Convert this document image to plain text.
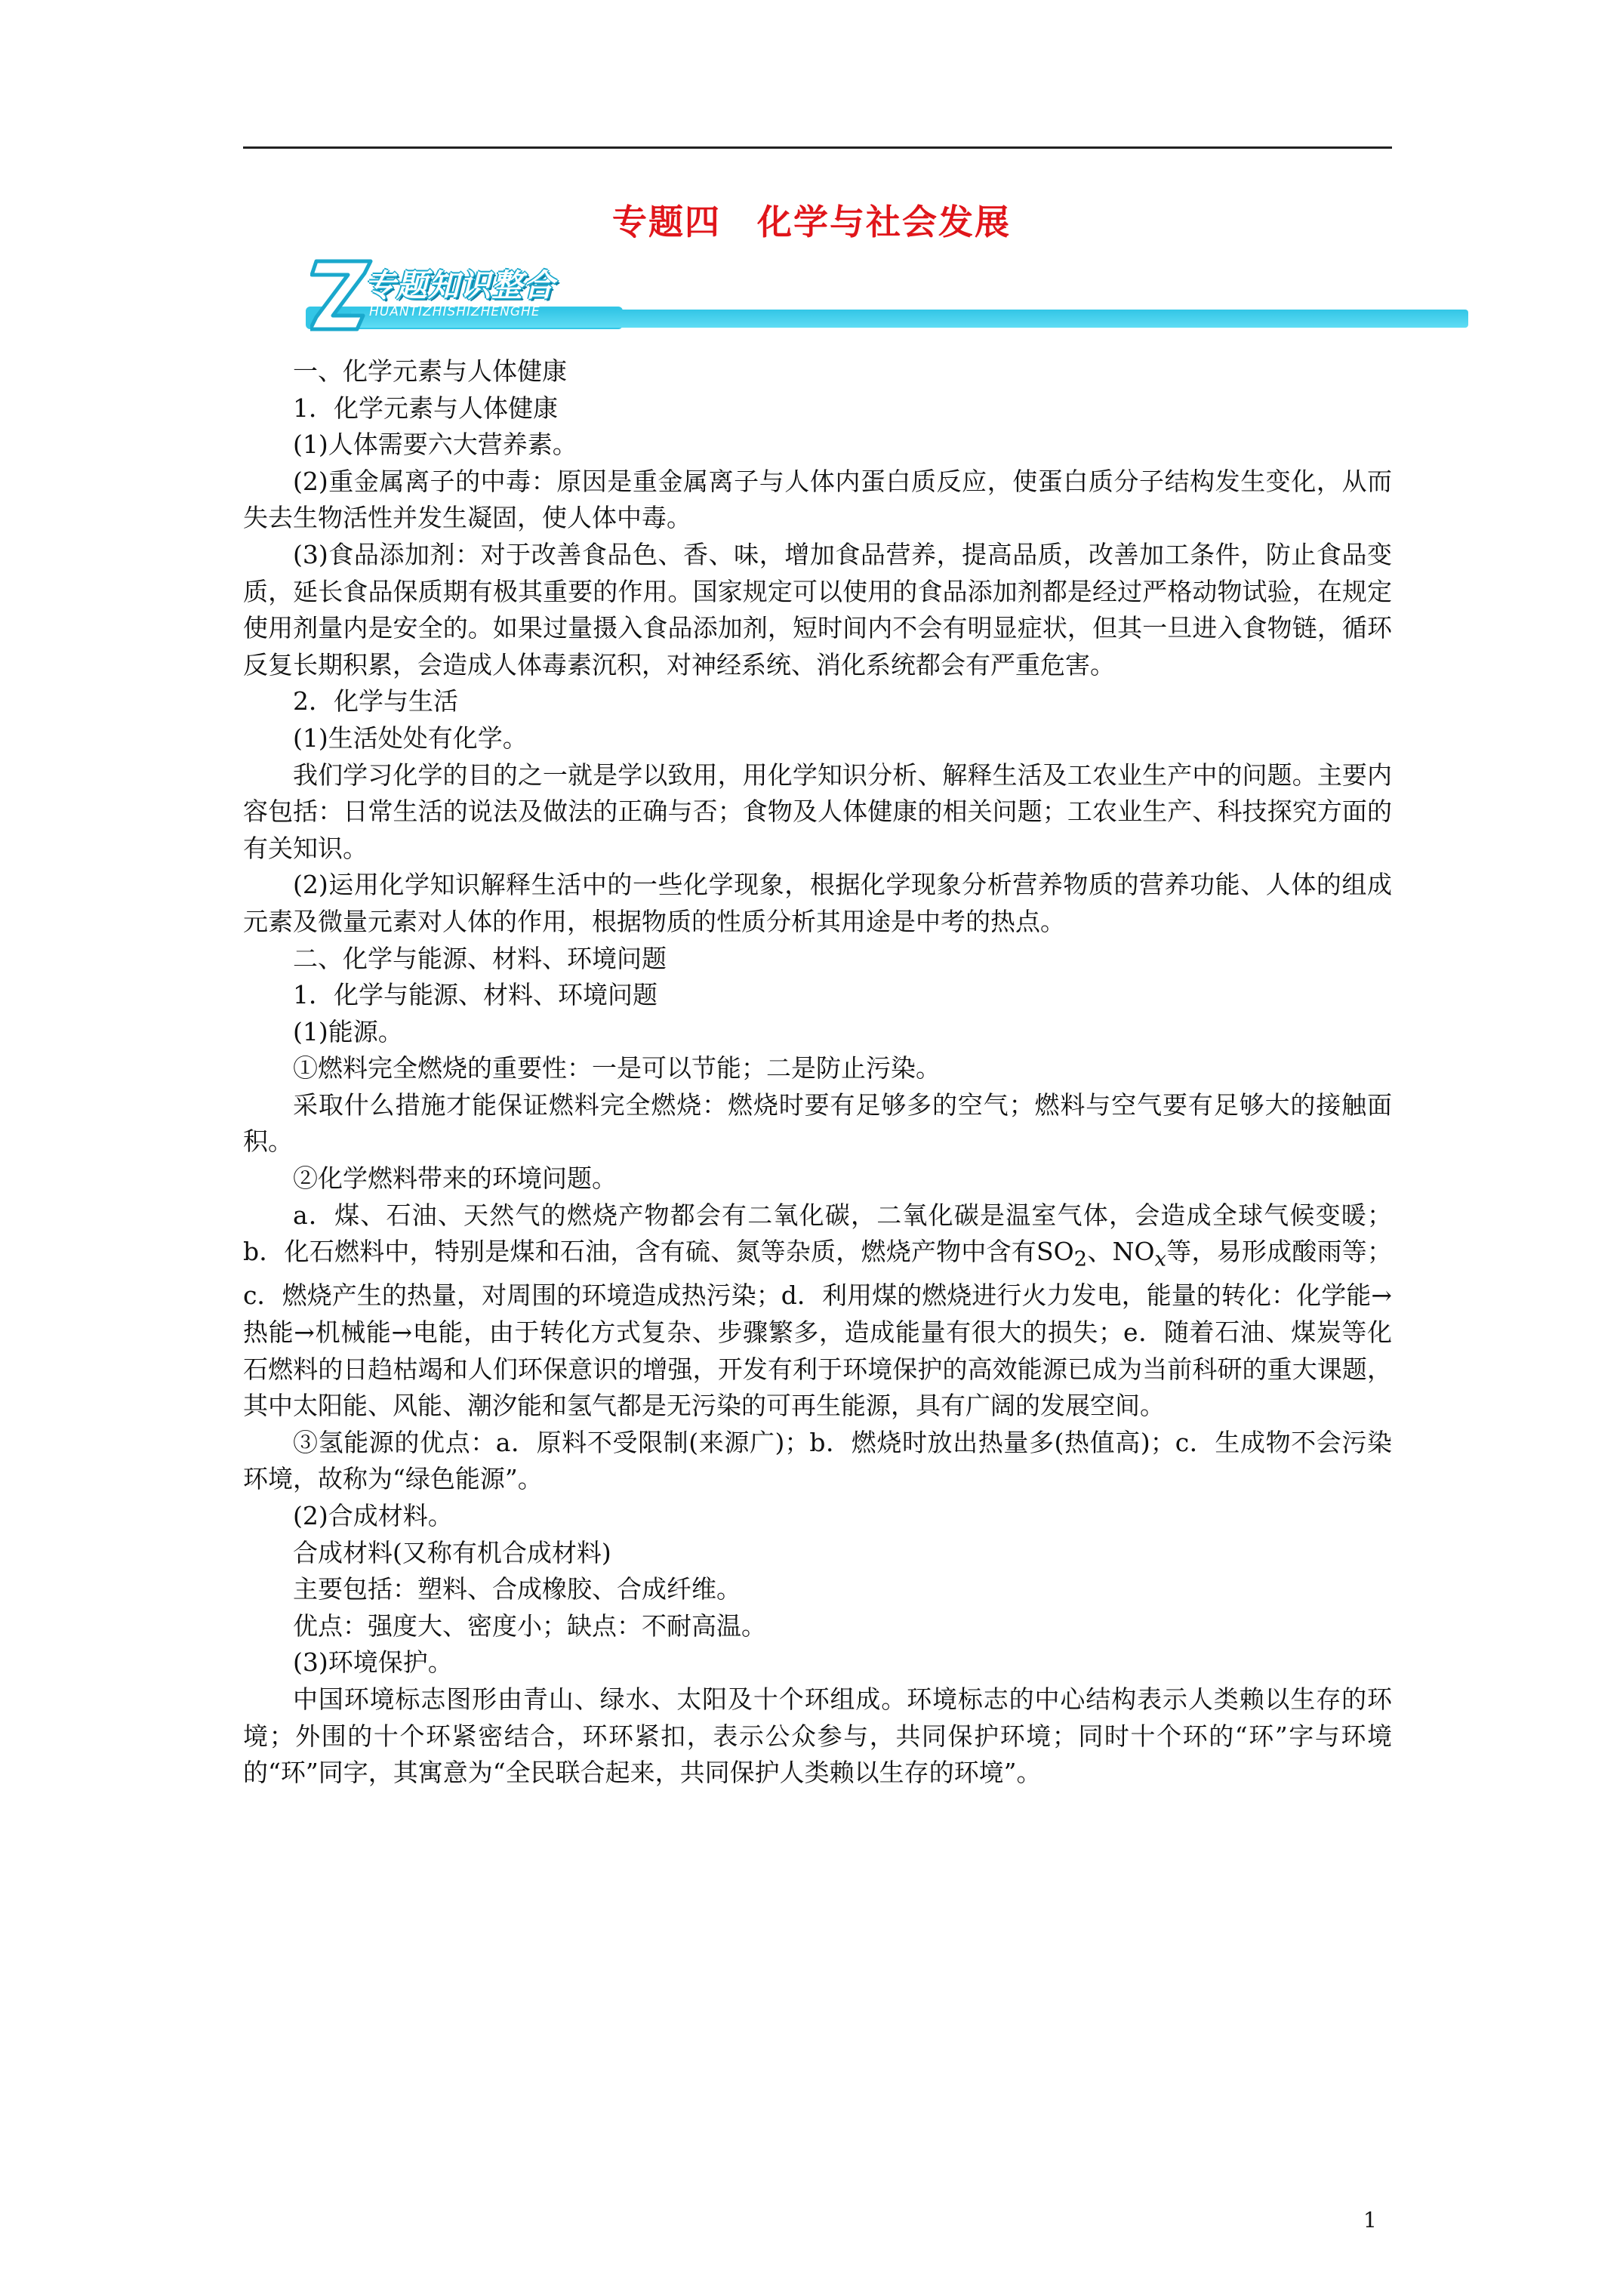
专题四　化学与社会发展
专题知识整合
HUANTIZHISHIZHENGHE

一、化学元素与人体健康

1．化学元素与人体健康

(1)人体需要六大营养素。

(2)重金属离子的中毒：原因是重金属离子与人体内蛋白质反应，使蛋白质分子结构发生变化，从而失去生物活性并发生凝固，使人体中毒。

(3)食品添加剂：对于改善食品色、香、味，增加食品营养，提高品质，改善加工条件，防止食品变质，延长食品保质期有极其重要的作用。国家规定可以使用的食品添加剂都是经过严格动物试验，在规定使用剂量内是安全的。如果过量摄入食品添加剂，短时间内不会有明显症状，但其一旦进入食物链，循环反复长期积累，会造成人体毒素沉积，对神经系统、消化系统都会有严重危害。

2．化学与生活

(1)生活处处有化学。

我们学习化学的目的之一就是学以致用，用化学知识分析、解释生活及工农业生产中的问题。主要内容包括：日常生活的说法及做法的正确与否；食物及人体健康的相关问题；工农业生产、科技探究方面的有关知识。

(2)运用化学知识解释生活中的一些化学现象，根据化学现象分析营养物质的营养功能、人体的组成元素及微量元素对人体的作用，根据物质的性质分析其用途是中考的热点。

二、化学与能源、材料、环境问题

1．化学与能源、材料、环境问题

(1)能源。

①燃料完全燃烧的重要性：一是可以节能；二是防止污染。

采取什么措施才能保证燃料完全燃烧：燃烧时要有足够多的空气；燃料与空气要有足够大的接触面积。

②化学燃料带来的环境问题。

a．煤、石油、天然气的燃烧产物都会有二氧化碳，二氧化碳是温室气体，会造成全球气候变暖；b．化石燃料中，特别是煤和石油，含有硫、氮等杂质，燃烧产物中含有$SO_2$、$NO_x$等，易形成酸雨等；c．燃烧产生的热量，对周围的环境造成热污染；d．利用煤的燃烧进行火力发电，能量的转化：化学能→热能→机械能→电能，由于转化方式复杂、步骤繁多，造成能量有很大的损失；e．随着石油、煤炭等化石燃料的日趋枯竭和人们环保意识的增强，开发有利于环境保护的高效能源已成为当前科研的重大课题，其中太阳能、风能、潮汐能和氢气都是无污染的可再生能源，具有广阔的发展空间。

③氢能源的优点：a．原料不受限制(来源广)；b．燃烧时放出热量多(热值高)；c．生成物不会污染环境，故称为“绿色能源”。

(2)合成材料。

合成材料(又称有机合成材料)

主要包括：塑料、合成橡胶、合成纤维。

优点：强度大、密度小；缺点：不耐高温。

(3)环境保护。

中国环境标志图形由青山、绿水、太阳及十个环组成。环境标志的中心结构表示人类赖以生存的环境；外围的十个环紧密结合，环环紧扣，表示公众参与，共同保护环境；同时十个环的“环”字与环境的“环”同字，其寓意为“全民联合起来，共同保护人类赖以生存的环境”。

1
